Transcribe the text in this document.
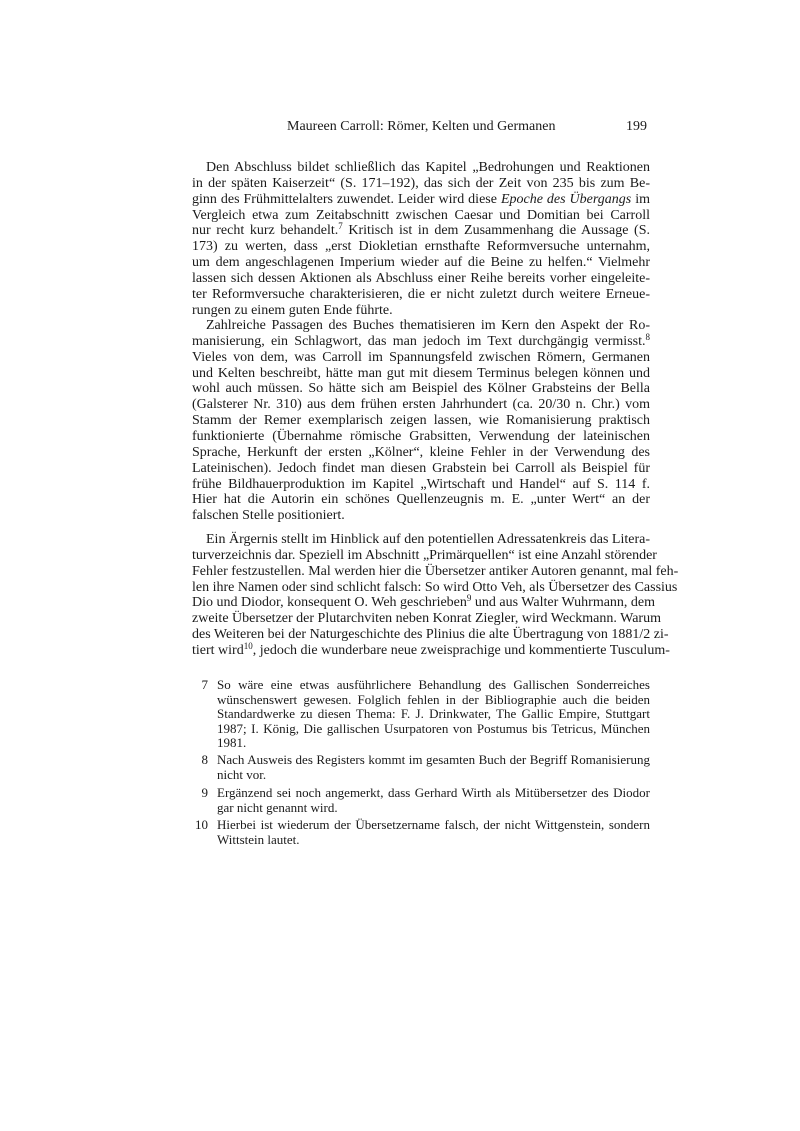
Maureen Carroll: Römer, Kelten und Germanen	199
Den Abschluss bildet schließlich das Kapitel „Bedrohungen und Reaktionen
in der späten Kaiserzeit“ (S. 171–192), das sich der Zeit von 235 bis zum Be-
ginn des Frühmittelalters zuwendet. Leider wird diese Epoche des Übergangs im
Vergleich etwa zum Zeitabschnitt zwischen Caesar und Domitian bei Carroll
nur recht kurz behandelt.$^7$ Kritisch ist in dem Zusammenhang die Aussage (S.
173) zu werten, dass „erst Diokletian ernsthafte Reformversuche unternahm,
um dem angeschlagenen Imperium wieder auf die Beine zu helfen.“ Vielmehr
lassen sich dessen Aktionen als Abschluss einer Reihe bereits vorher eingeleite-
ter Reformversuche charakterisieren, die er nicht zuletzt durch weitere Erneue-
rungen zu einem guten Ende führte.
Zahlreiche Passagen des Buches thematisieren im Kern den Aspekt der Ro-
manisierung, ein Schlagwort, das man jedoch im Text durchgängig vermisst.$^8$
Vieles von dem, was Carroll im Spannungsfeld zwischen Römern, Germanen
und Kelten beschreibt, hätte man gut mit diesem Terminus belegen können und
wohl auch müssen. So hätte sich am Beispiel des Kölner Grabsteins der Bella
(Galsterer Nr. 310) aus dem frühen ersten Jahrhundert (ca. 20/30 n. Chr.) vom
Stamm der Remer exemplarisch zeigen lassen, wie Romanisierung praktisch
funktionierte (Übernahme römische Grabsitten, Verwendung der lateinischen
Sprache, Herkunft der ersten „Kölner“, kleine Fehler in der Verwendung des
Lateinischen). Jedoch findet man diesen Grabstein bei Carroll als Beispiel für
frühe Bildhauerproduktion im Kapitel „Wirtschaft und Handel“ auf S. 114 f.
Hier hat die Autorin ein schönes Quellenzeugnis m. E. „unter Wert“ an der
falschen Stelle positioniert.
Ein Ärgernis stellt im Hinblick auf den potentiellen Adressatenkreis das Litera-
turverzeichnis dar. Speziell im Abschnitt „Primärquellen“ ist eine Anzahl störender
Fehler festzustellen. Mal werden hier die Übersetzer antiker Autoren genannt, mal feh-
len ihre Namen oder sind schlicht falsch: So wird Otto Veh, als Übersetzer des Cassius
Dio und Diodor, konsequent O. Weh geschrieben$^9$ und aus Walter Wuhrmann, dem
zweite Übersetzer der Plutarchviten neben Konrat Ziegler, wird Weckmann. Warum
des Weiteren bei der Naturgeschichte des Plinius die alte Übertragung von 1881/2 zi-
tiert wird$^{10}$, jedoch die wunderbare neue zweisprachige und kommentierte Tusculum-
7 So wäre eine etwas ausführlichere Behandlung des Gallischen Sonderreiches
wünschenswert gewesen. Folglich fehlen in der Bibliographie auch die beiden
Standardwerke zu diesen Thema: F. J. Drinkwater, The Gallic Empire, Stuttgart
1987; I. König, Die gallischen Usurpatoren von Postumus bis Tetricus, München
1981.
8 Nach Ausweis des Registers kommt im gesamten Buch der Begriff Romanisierung
nicht vor.
9 Ergänzend sei noch angemerkt, dass Gerhard Wirth als Mitübersetzer des Diodor
gar nicht genannt wird.
10 Hierbei ist wiederum der Übersetzername falsch, der nicht Wittgenstein, sondern
Wittstein lautet.
